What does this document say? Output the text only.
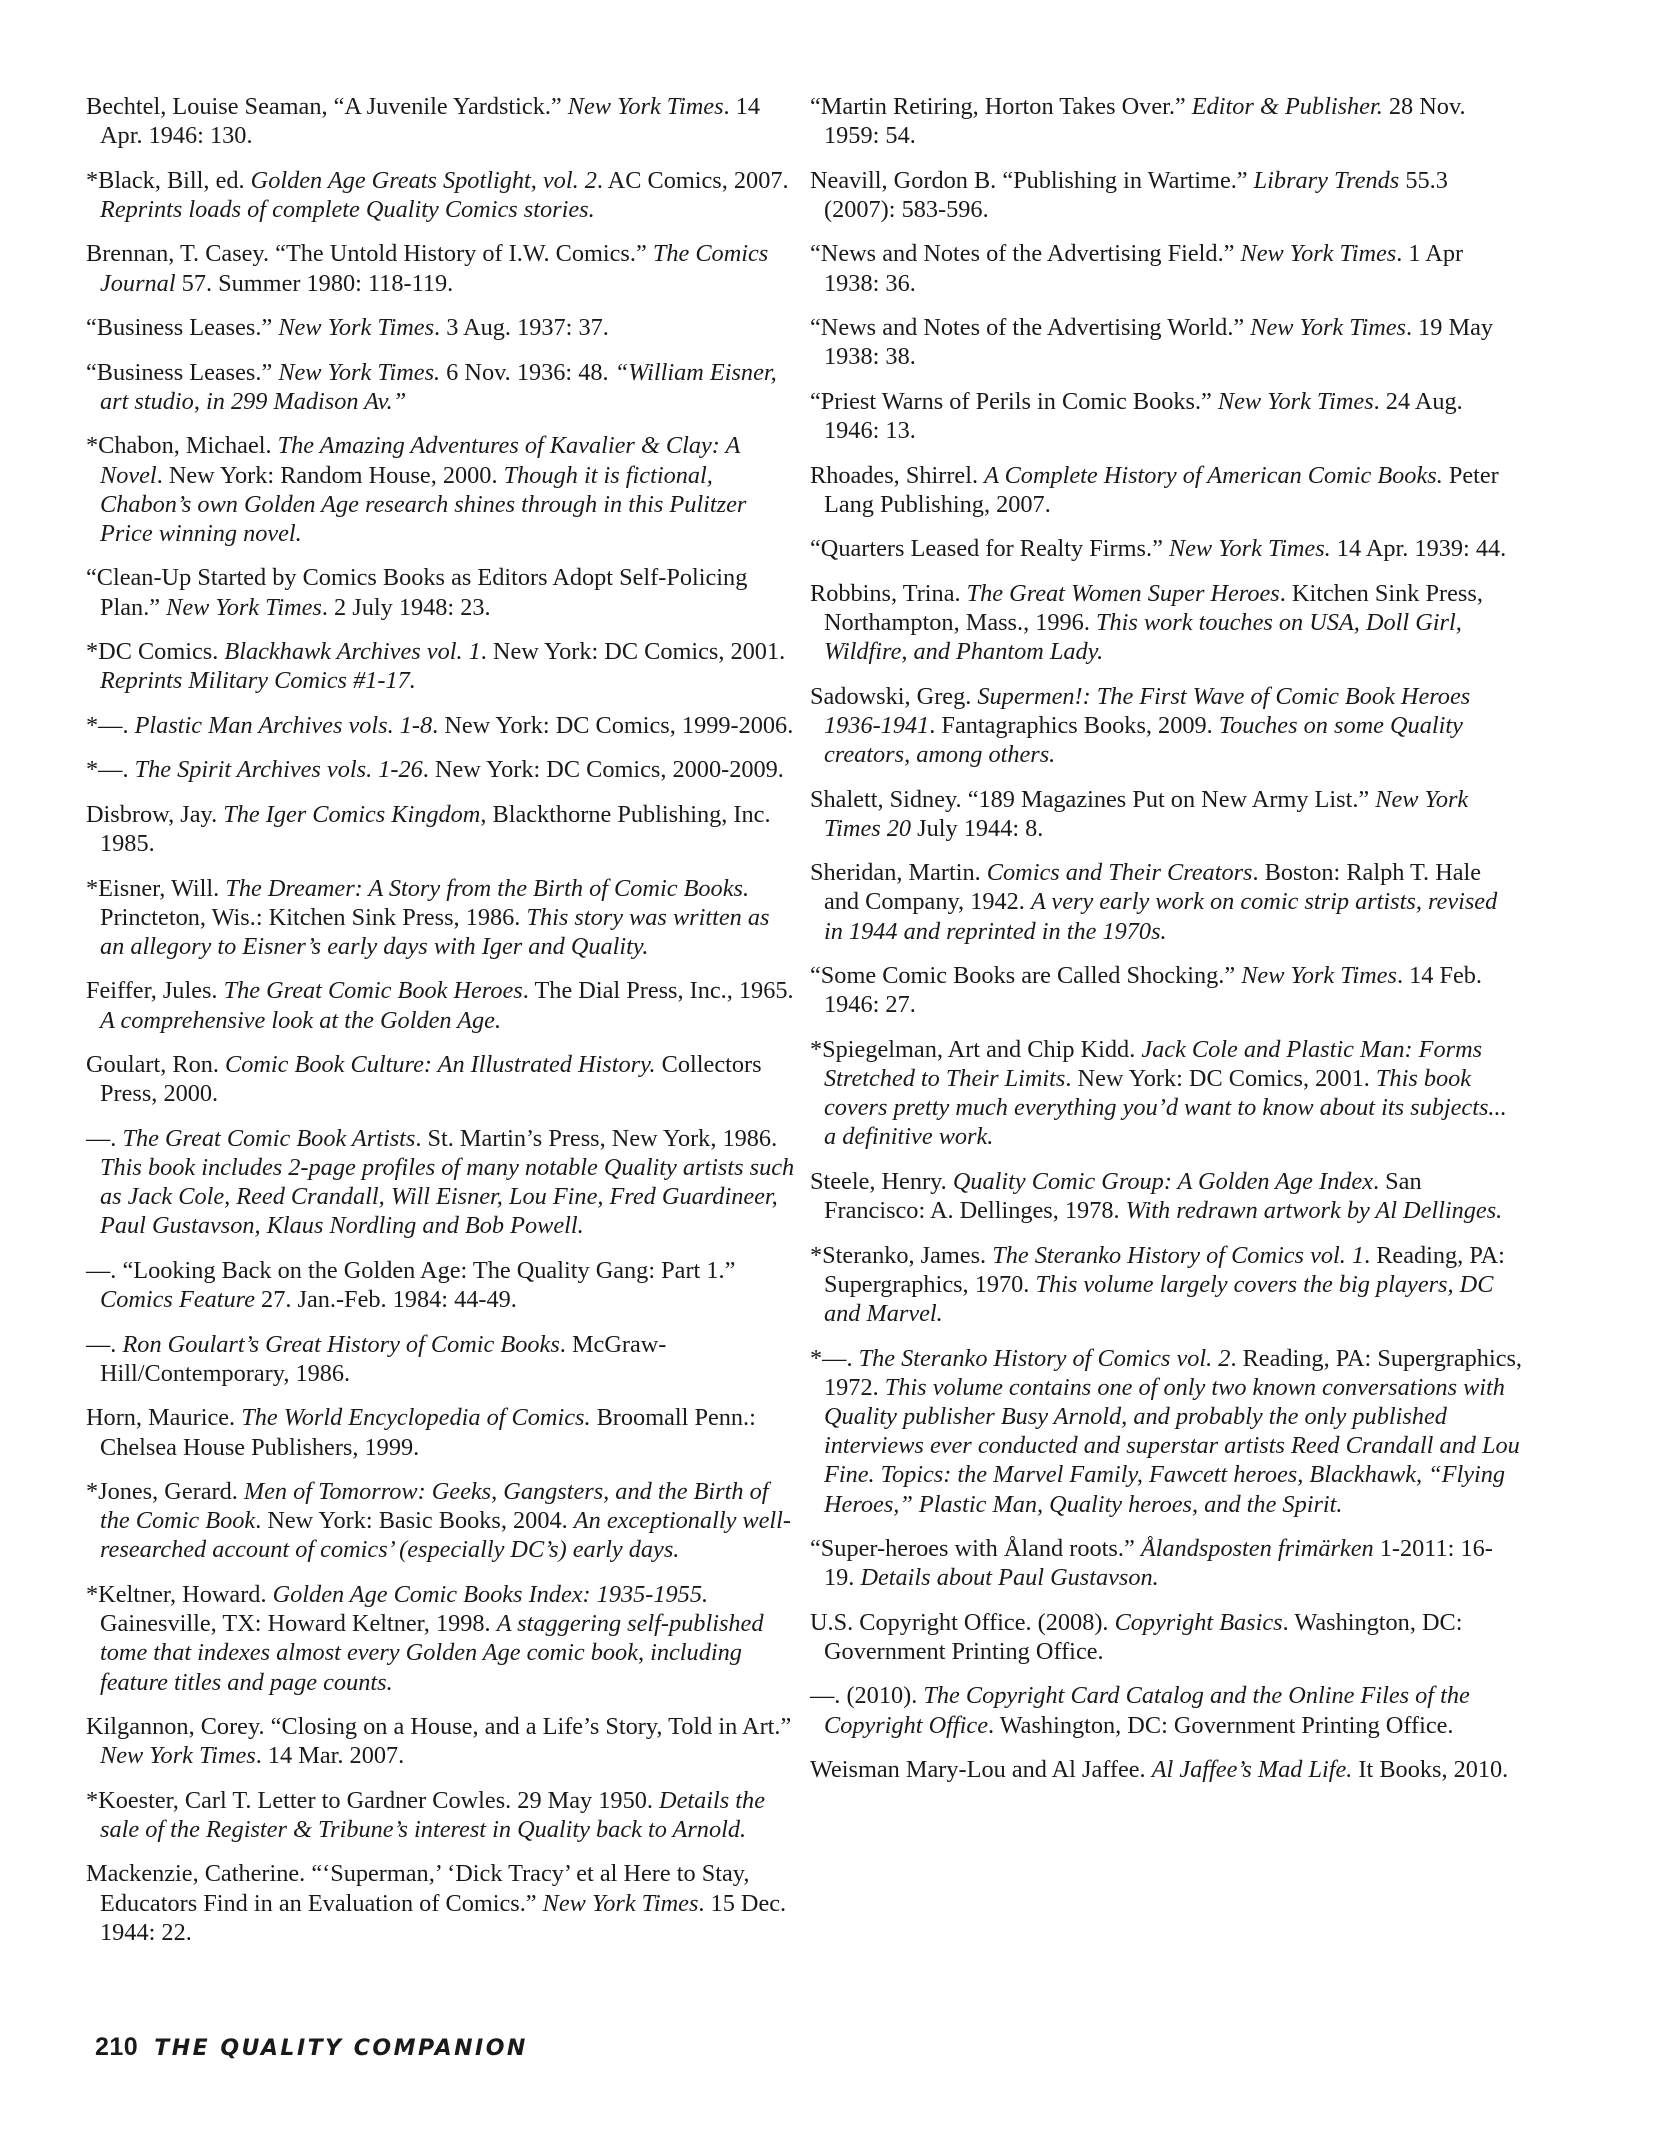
Bechtel, Louise Seaman, “A Juvenile Yardstick.” New York Times. 14 Apr. 1946: 130.

*Black, Bill, ed. Golden Age Greats Spotlight, vol. 2. AC Comics, 2007. Reprints loads of complete Quality Comics stories.

Brennan, T. Casey. “The Untold History of I.W. Comics.” The Comics Journal 57. Summer 1980: 118-119.

“Business Leases.” New York Times. 3 Aug. 1937: 37.

“Business Leases.” New York Times. 6 Nov. 1936: 48. “William Eisner, art studio, in 299 Madison Av.”

*Chabon, Michael. The Amazing Adventures of Kavalier & Clay: A Novel. New York: Random House, 2000. Though it is fictional, Chabon’s own Golden Age research shines through in this Pulitzer Price winning novel.

“Clean-Up Started by Comics Books as Editors Adopt Self-Policing Plan.” New York Times. 2 July 1948: 23.

*DC Comics. Blackhawk Archives vol. 1. New York: DC Comics, 2001. Reprints Military Comics #1-17.

*—. Plastic Man Archives vols. 1-8. New York: DC Comics, 1999-2006.

*—. The Spirit Archives vols. 1-26. New York: DC Comics, 2000-2009.

Disbrow, Jay. The Iger Comics Kingdom, Blackthorne Publishing, Inc. 1985.

*Eisner, Will. The Dreamer: A Story from the Birth of Comic Books. Princteton, Wis.: Kitchen Sink Press, 1986. This story was written as an allegory to Eisner’s early days with Iger and Quality.

Feiffer, Jules. The Great Comic Book Heroes. The Dial Press, Inc., 1965. A comprehensive look at the Golden Age.

Goulart, Ron. Comic Book Culture: An Illustrated History. Collectors Press, 2000.

—. The Great Comic Book Artists. St. Martin’s Press, New York, 1986. This book includes 2-page profiles of many notable Quality artists such as Jack Cole, Reed Crandall, Will Eisner, Lou Fine, Fred Guardineer, Paul Gustavson, Klaus Nordling and Bob Powell.

—. “Looking Back on the Golden Age: The Quality Gang: Part 1.” Comics Feature 27. Jan.-Feb. 1984: 44-49.

—. Ron Goulart’s Great History of Comic Books. McGraw-Hill/Contemporary, 1986.

Horn, Maurice. The World Encyclopedia of Comics. Broomall Penn.: Chelsea House Publishers, 1999.

*Jones, Gerard. Men of Tomorrow: Geeks, Gangsters, and the Birth of the Comic Book. New York: Basic Books, 2004. An exceptionally well-researched account of comics’ (especially DC’s) early days.

*Keltner, Howard. Golden Age Comic Books Index: 1935-1955. Gainesville, TX: Howard Keltner, 1998. A staggering self-published tome that indexes almost every Golden Age comic book, including feature titles and page counts.

Kilgannon, Corey. “Closing on a House, and a Life’s Story, Told in Art.” New York Times. 14 Mar. 2007.

*Koester, Carl T. Letter to Gardner Cowles. 29 May 1950. Details the sale of the Register & Tribune’s interest in Quality back to Arnold.

Mackenzie, Catherine. “‘Superman,’ ‘Dick Tracy’ et al Here to Stay, Educators Find in an Evaluation of Comics.” New York Times. 15 Dec. 1944: 22.

“Martin Retiring, Horton Takes Over.” Editor & Publisher. 28 Nov. 1959: 54.

Neavill, Gordon B. “Publishing in Wartime.” Library Trends 55.3 (2007): 583-596.

“News and Notes of the Advertising Field.” New York Times. 1 Apr 1938: 36.

“News and Notes of the Advertising World.” New York Times. 19 May 1938: 38.

“Priest Warns of Perils in Comic Books.” New York Times. 24 Aug. 1946: 13.

Rhoades, Shirrel. A Complete History of American Comic Books. Peter Lang Publishing, 2007.

“Quarters Leased for Realty Firms.” New York Times. 14 Apr. 1939: 44.

Robbins, Trina. The Great Women Super Heroes. Kitchen Sink Press, Northampton, Mass., 1996. This work touches on USA, Doll Girl, Wildfire, and Phantom Lady.

Sadowski, Greg. Supermen!: The First Wave of Comic Book Heroes 1936-1941. Fantagraphics Books, 2009. Touches on some Quality creators, among others.

Shalett, Sidney. “189 Magazines Put on New Army List.” New York Times 20 July 1944: 8.

Sheridan, Martin. Comics and Their Creators. Boston: Ralph T. Hale and Company, 1942. A very early work on comic strip artists, revised in 1944 and reprinted in the 1970s.

“Some Comic Books are Called Shocking.” New York Times. 14 Feb. 1946: 27.

*Spiegelman, Art and Chip Kidd. Jack Cole and Plastic Man: Forms Stretched to Their Limits. New York: DC Comics, 2001. This book covers pretty much everything you’d want to know about its subjects... a definitive work.

Steele, Henry. Quality Comic Group: A Golden Age Index. San Francisco: A. Dellinges, 1978. With redrawn artwork by Al Dellinges.

*Steranko, James. The Steranko History of Comics vol. 1. Reading, PA: Supergraphics, 1970. This volume largely covers the big players, DC and Marvel.

*—. The Steranko History of Comics vol. 2. Reading, PA: Supergraphics, 1972. This volume contains one of only two known conversations with Quality publisher Busy Arnold, and probably the only published interviews ever conducted and superstar artists Reed Crandall and Lou Fine. Topics: the Marvel Family, Fawcett heroes, Blackhawk, “Flying Heroes,” Plastic Man, Quality heroes, and the Spirit.

“Super-heroes with Åland roots.” Ålandsposten frimärken 1-2011: 16-19. Details about Paul Gustavson.

U.S. Copyright Office. (2008). Copyright Basics. Washington, DC: Government Printing Office.

—. (2010). The Copyright Card Catalog and the Online Files of the Copyright Office. Washington, DC: Government Printing Office.

Weisman Mary-Lou and Al Jaffee. Al Jaffee’s Mad Life. It Books, 2010.

210 THE QUALITY COMPANION
